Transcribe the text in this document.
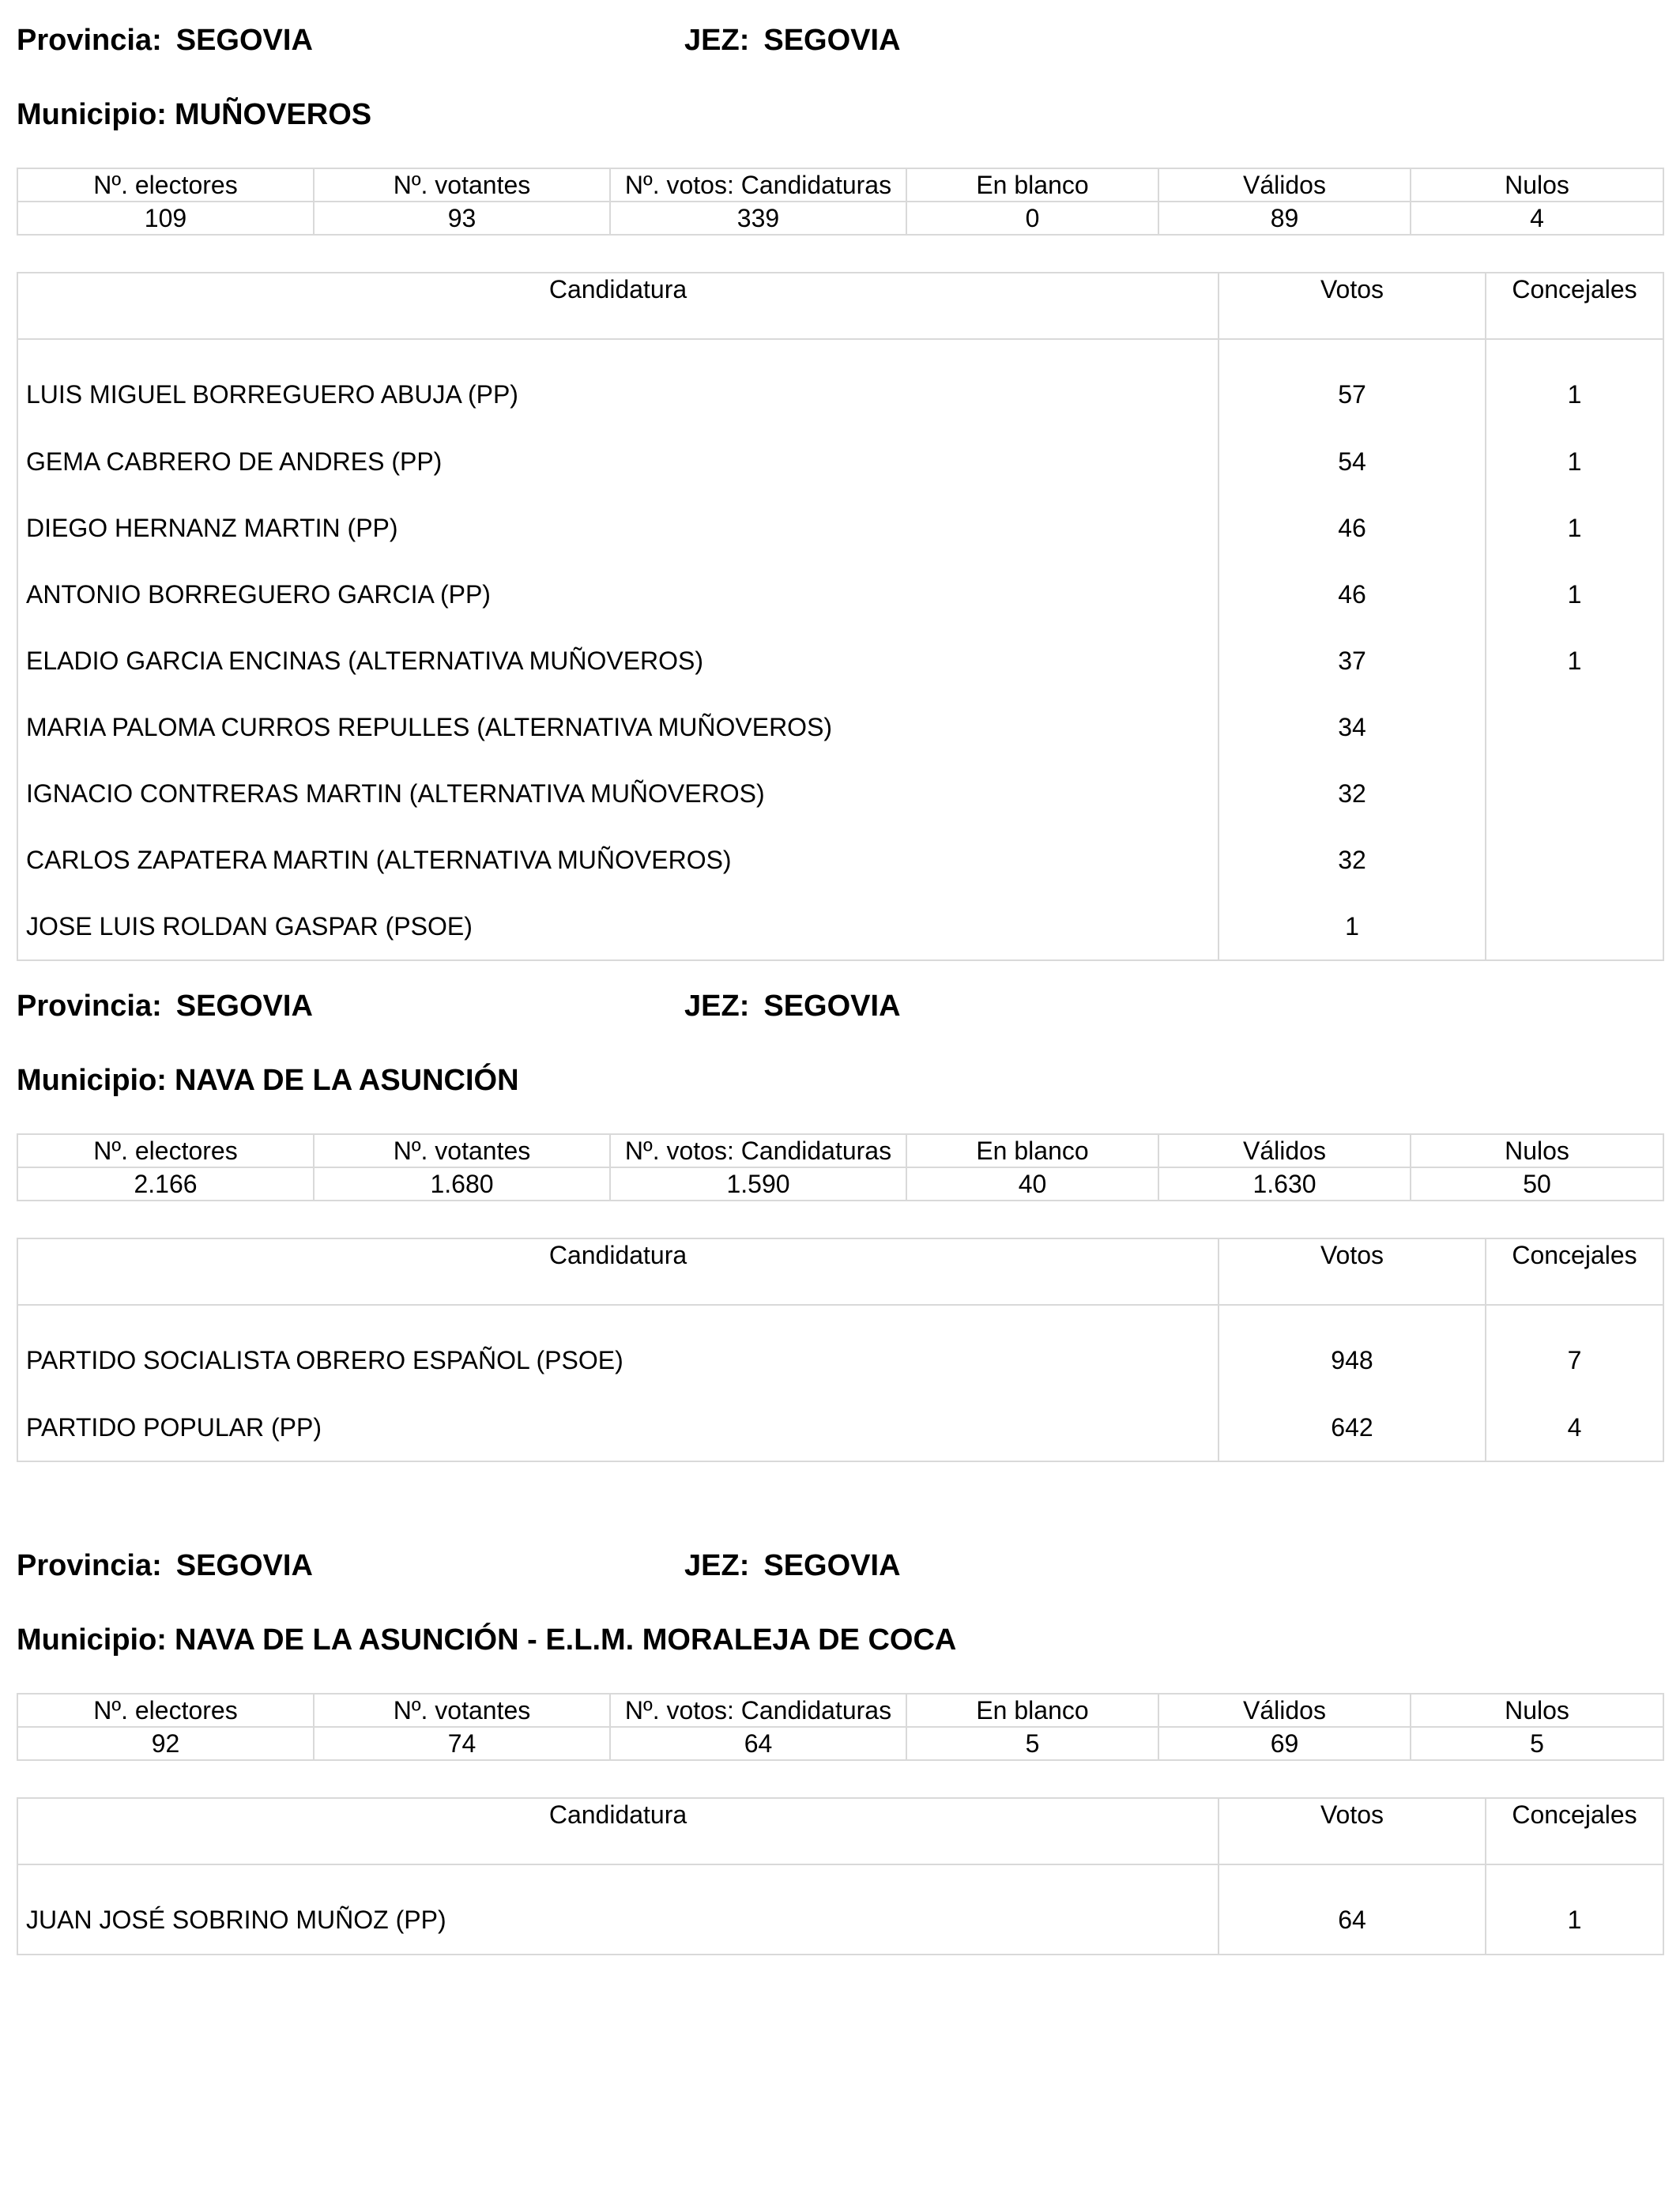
Provincia: SEGOVIA	JEZ: SEGOVIA
Municipio: MUÑOVEROS
Nº. electores	Nº. votantes	Nº. votos: Candidaturas	En blanco	Válidos	Nulos
109	93	339	0	89	4
Candidatura	Votos	Concejales
LUIS MIGUEL BORREGUERO ABUJA (PP)	57	1
GEMA CABRERO DE ANDRES (PP)	54	1
DIEGO HERNANZ MARTIN (PP)	46	1
ANTONIO BORREGUERO GARCIA (PP)	46	1
ELADIO GARCIA ENCINAS (ALTERNATIVA MUÑOVEROS)	37	1
MARIA PALOMA CURROS REPULLES (ALTERNATIVA MUÑOVEROS)	34	
IGNACIO CONTRERAS MARTIN (ALTERNATIVA MUÑOVEROS)	32	
CARLOS ZAPATERA MARTIN (ALTERNATIVA MUÑOVEROS)	32	
JOSE LUIS ROLDAN GASPAR (PSOE)	1	
Provincia: SEGOVIA	JEZ: SEGOVIA
Municipio: NAVA DE LA ASUNCIÓN
Nº. electores	Nº. votantes	Nº. votos: Candidaturas	En blanco	Válidos	Nulos
2.166	1.680	1.590	40	1.630	50
Candidatura	Votos	Concejales
PARTIDO SOCIALISTA OBRERO ESPAÑOL (PSOE)	948	7
PARTIDO POPULAR (PP)	642	4
Provincia: SEGOVIA	JEZ: SEGOVIA
Municipio: NAVA DE LA ASUNCIÓN - E.L.M. MORALEJA DE COCA
Nº. electores	Nº. votantes	Nº. votos: Candidaturas	En blanco	Válidos	Nulos
92	74	64	5	69	5
Candidatura	Votos	Concejales
JUAN JOSÉ SOBRINO MUÑOZ (PP)	64	1
